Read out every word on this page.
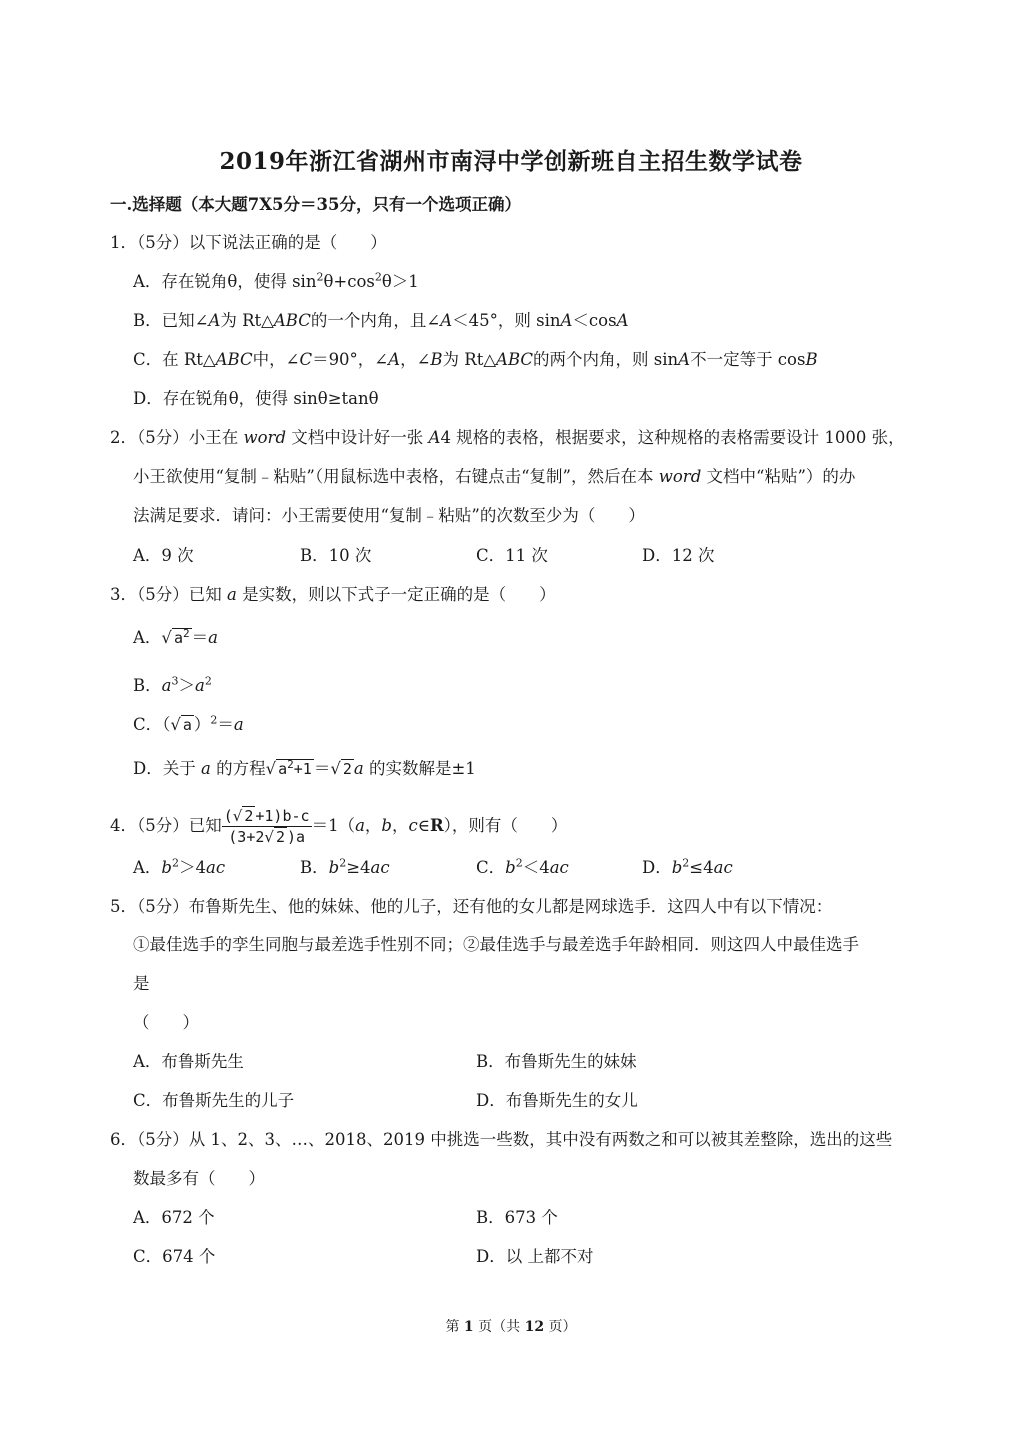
2019年浙江省湖州市南浔中学创新班自主招生数学试卷
一.选择题（本大题7X5分＝35分，只有一个选项正确）
1．（5分）以下说法正确的是（　　）
A．存在锐角θ，使得 $\sin^2\theta+\cos^2\theta>1$
B．已知∠A为 Rt△ABC的一个内角，且∠A＜45°，则 sinA＜cosA
C．在 Rt△ABC中，∠C＝90°，∠A，∠B为 Rt△ABC的两个内角，则 sinA不一定等于 cosB
D．存在锐角θ，使得 sinθ≥tanθ
2．（5分）小王在 word 文档中设计好一张 A4 规格的表格，根据要求，这种规格的表格需要设计 1000 张，
小王欲使用“复制﹣粘贴”（用鼠标选中表格，右键点击“复制”，然后在本 word 文档中“粘贴”）的办
法满足要求．请问：小王需要使用“复制﹣粘贴”的次数至少为（　　）
A．9 次	B．10 次	C．11 次	D．12 次
3．（5分）已知 a 是实数，则以下式子一定正确的是（　　）
A．√ $a^2 =a$
B．$a^3>a^2$
C．（√ a ）$^2$＝a
D．关于 a 的方程√ $a^2+1$ ＝√ 2 a 的实数解是±1
4．（5分）已知 $\frac{(√ 2 +1)b-c}{(3+2√ 2 )a} =1(a$，b，c∈R），则有（　　）
A．$b^2>4ac$	B．$b^2\ge 4ac$	C．$b^2<4ac$	D．$b^2\le 4ac$
5．（5分）布鲁斯先生、他的妹妹、他的儿子，还有他的女儿都是网球选手．这四人中有以下情况：
①最佳选手的孪生同胞与最差选手性别不同；②最佳选手与最差选手年龄相同．则这四人中最佳选手
是
（　　）
A．布鲁斯先生	B．布鲁斯先生的妹妹
C．布鲁斯先生的儿子	D．布鲁斯先生的女儿
6．（5分）从 1、2、3、…、2018、2019 中挑选一些数，其中没有两数之和可以被其差整除，选出的这些
数最多有（　　）
A．672 个	B．673 个
C．674 个	D．以 上都不对
第 1 页（共 12 页）
